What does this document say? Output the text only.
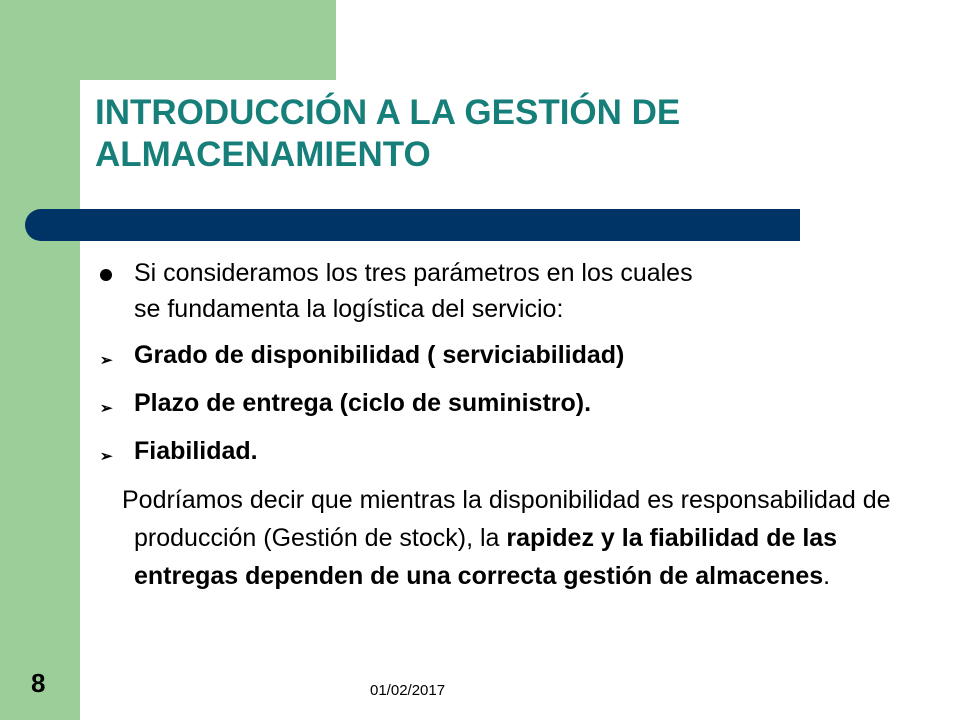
INTRODUCCIÓN A LA GESTIÓN DE
ALMACENAMIENTO
Si consideramos los tres parámetros en los cuales
se fundamenta la logística del servicio:
➢ Grado de disponibilidad ( serviciabilidad)
➢ Plazo de entrega (ciclo de suministro).
➢ Fiabilidad.
Podríamos decir que mientras la disponibilidad es responsabilidad de producción (Gestión de stock), la rapidez y la fiabilidad de las entregas dependen de una correcta gestión de almacenes.
8	01/02/2017
